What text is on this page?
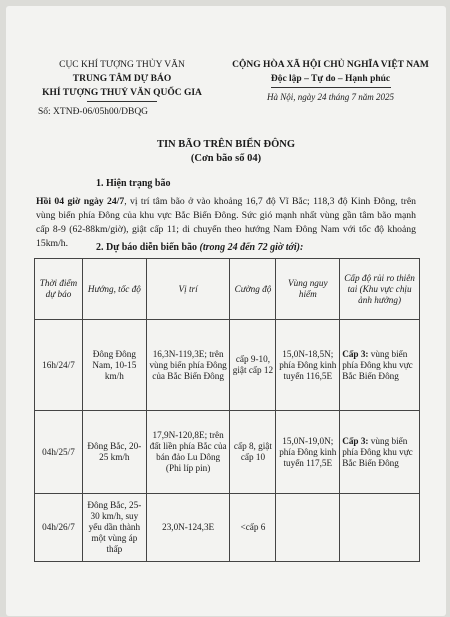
CỤC KHÍ TƯỢNG THỦY VĂN
TRUNG TÂM DỰ BÁO
KHÍ TƯỢNG THUỶ VĂN QUỐC GIA
CỘNG HÒA XÃ HỘI CHỦ NGHĨA VIỆT NAM
Độc lập – Tự do – Hạnh phúc
Hà Nội, ngày 24 tháng 7 năm 2025
Số: XTNĐ-06/05h00/DBQG
TIN BÃO TRÊN BIỂN ĐÔNG
(Cơn bão số 04)
1. Hiện trạng bão
Hồi 04 giờ ngày 24/7, vị trí tâm bão ở vào khoảng 16,7 độ Vĩ Bắc; 118,3 độ Kinh Đông, trên vùng biển phía Đông của khu vực Bắc Biển Đông. Sức gió mạnh nhất vùng gần tâm bão mạnh cấp 8-9 (62-88km/giờ), giật cấp 11; di chuyển theo hướng Nam Đông Nam với tốc độ khoảng 15km/h.	2. Dự báo diễn biến bão (trong 24 đến 72 giờ tới):
Thời điểm dự báo	Hướng, tốc độ	Vị trí	Cường độ	Vùng nguy hiểm	Cấp độ rủi ro thiên tai (Khu vực chịu ảnh hưởng)
16h/24/7	Đông Đông Nam, 10-15 km/h	16,3N-119,3E; trên vùng biển phía Đông của Bắc Biển Đông	cấp 9-10, giật cấp 12	15,0N-18,5N; phía Đông kinh tuyến 116,5E	Cấp 3: vùng biển phía Đông khu vực Bắc Biển Đông
04h/25/7	Đông Bắc, 20-25 km/h	17,9N-120,8E; trên đất liền phía Bắc của bán đảo Lu Dông (Phi líp pin)	cấp 8, giật cấp 10	15,0N-19,0N; phía Đông kinh tuyến 117,5E	Cấp 3: vùng biển phía Đông khu vực Bắc Biển Đông
04h/26/7	Đông Bắc, 25-30 km/h, suy yếu dần thành một vùng áp thấp	23,0N-124,3E	<cấp 6		
